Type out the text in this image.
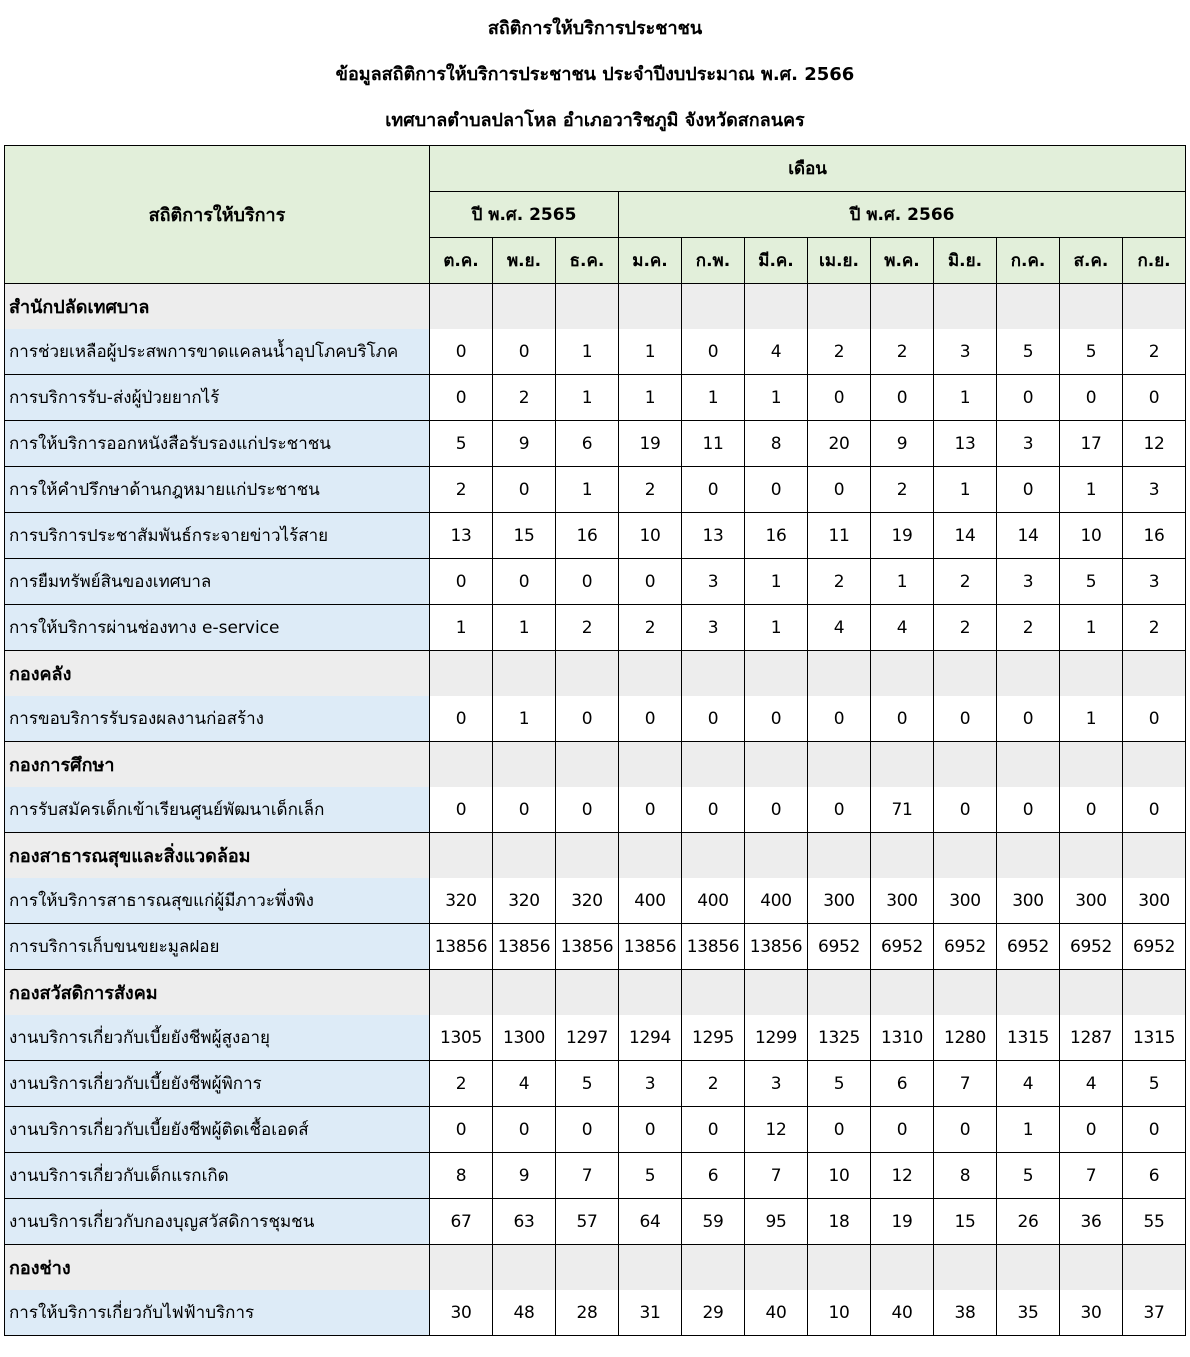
สถิติการให้บริการประชาชน
ข้อมูลสถิติการให้บริการประชาชน ประจำปีงบประมาณ พ.ศ. 2566
เทศบาลตำบลปลาโหล อำเภอวาริชภูมิ จังหวัดสกลนคร
สถิติการให้บริการ	เดือน											
	ปี พ.ศ. 2565			ปี พ.ศ. 2566								
	ต.ค.	พ.ย.	ธ.ค.	ม.ค.	ก.พ.	มี.ค.	เม.ย.	พ.ค.	มิ.ย.	ก.ค.	ส.ค.	ก.ย.
สำนักปลัดเทศบาล												
การช่วยเหลือผู้ประสพการขาดแคลนน้ำอุปโภคบริโภค	0	0	1	1	0	4	2	2	3	5	5	2
การบริการรับ-ส่งผู้ป่วยยากไร้	0	2	1	1	1	1	0	0	1	0	0	0
การให้บริการออกหนังสือรับรองแก่ประชาชน	5	9	6	19	11	8	20	9	13	3	17	12
การให้คำปรึกษาด้านกฎหมายแก่ประชาชน	2	0	1	2	0	0	0	2	1	0	1	3
การบริการประชาสัมพันธ์กระจายข่าวไร้สาย	13	15	16	10	13	16	11	19	14	14	10	16
การยืมทรัพย์สินของเทศบาล	0	0	0	0	3	1	2	1	2	3	5	3
การให้บริการผ่านช่องทาง e-service	1	1	2	2	3	1	4	4	2	2	1	2
กองคลัง												
การขอบริการรับรองผลงานก่อสร้าง	0	1	0	0	0	0	0	0	0	0	1	0
กองการศึกษา												
การรับสมัครเด็กเข้าเรียนศูนย์พัฒนาเด็กเล็ก	0	0	0	0	0	0	0	71	0	0	0	0
กองสาธารณสุขและสิ่งแวดล้อม												
การให้บริการสาธารณสุขแก่ผู้มีภาวะพึ่งพิง	320	320	320	400	400	400	300	300	300	300	300	300
การบริการเก็บขนขยะมูลฝอย	13856	13856	13856	13856	13856	13856	6952	6952	6952	6952	6952	6952
กองสวัสดิการสังคม												
งานบริการเกี่ยวกับเบี้ยยังชีพผู้สูงอายุ	1305	1300	1297	1294	1295	1299	1325	1310	1280	1315	1287	1315
งานบริการเกี่ยวกับเบี้ยยังชีพผู้พิการ	2	4	5	3	2	3	5	6	7	4	4	5
งานบริการเกี่ยวกับเบี้ยยังชีพผู้ติดเชื้อเอดส์	0	0	0	0	0	12	0	0	0	1	0	0
งานบริการเกี่ยวกับเด็กแรกเกิด	8	9	7	5	6	7	10	12	8	5	7	6
งานบริการเกี่ยวกับกองบุญสวัสดิการชุมชน	67	63	57	64	59	95	18	19	15	26	36	55
กองช่าง												
การให้บริการเกี่ยวกับไฟฟ้าบริการ	30	48	28	31	29	40	10	40	38	35	30	37
